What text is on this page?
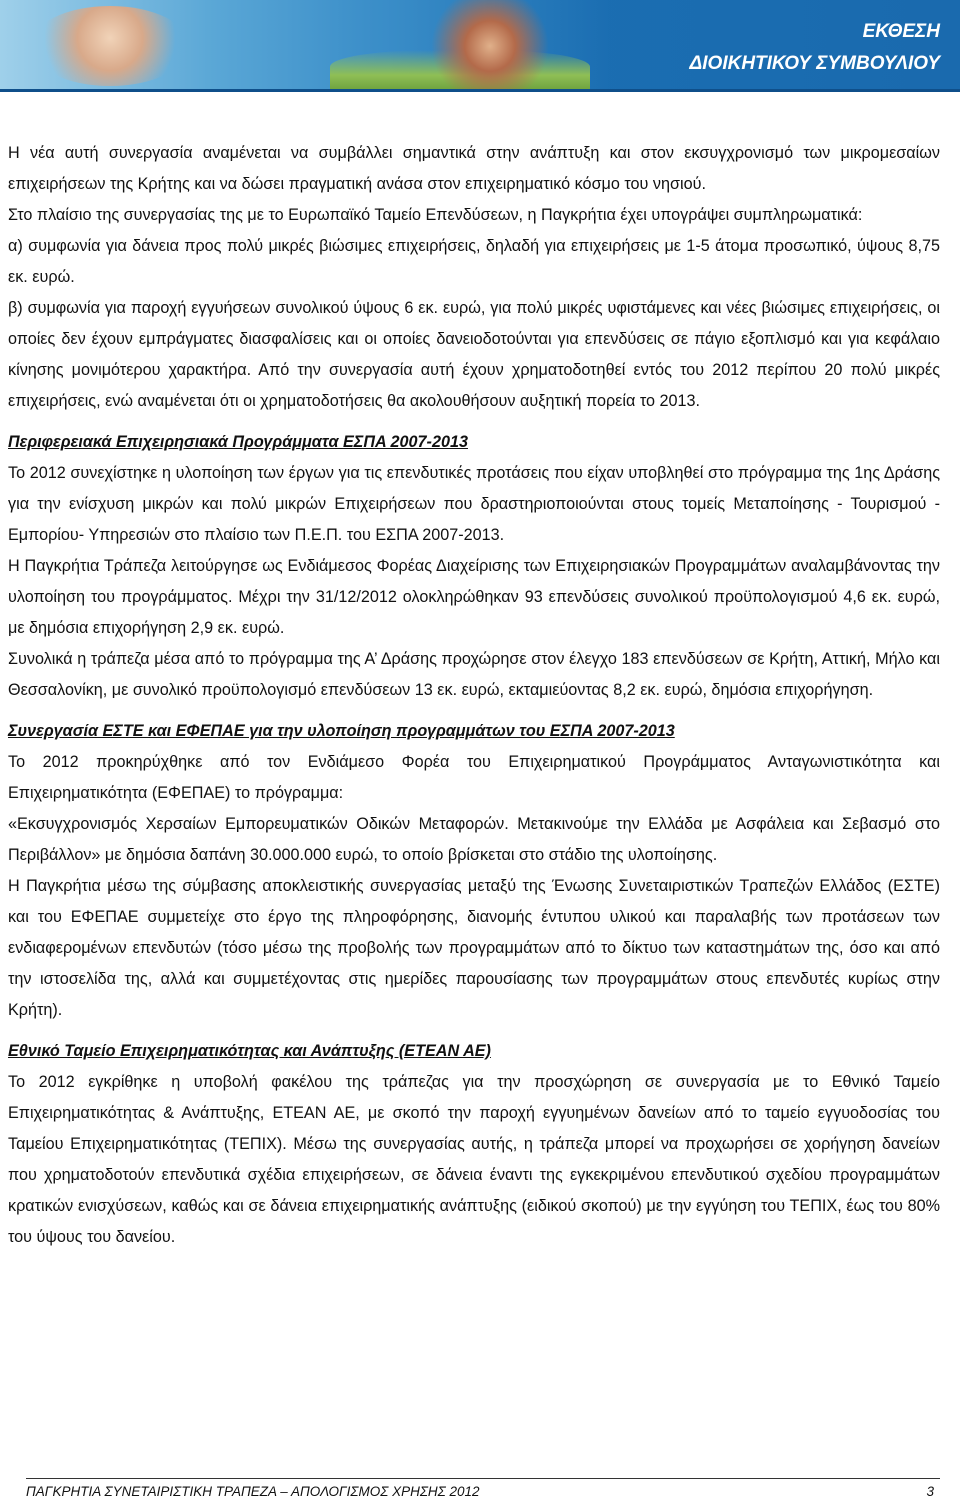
ΕΚΘΕΣΗ
ΔΙΟΙΚΗΤΙΚΟΥ ΣΥΜΒΟΥΛΙΟΥ

Η νέα αυτή συνεργασία αναμένεται να συμβάλλει σημαντικά στην ανάπτυξη και στον εκσυγχρονισμό των μικρομεσαίων επιχειρήσεων της Κρήτης και να δώσει πραγματική ανάσα στον επιχειρηματικό κόσμο του νησιού.

Στο πλαίσιο της συνεργασίας της με το Ευρωπαϊκό Ταμείο Επενδύσεων, η Παγκρήτια έχει υπογράψει συμπληρωματικά:

α) συμφωνία για δάνεια προς πολύ μικρές βιώσιμες επιχειρήσεις, δηλαδή για επιχειρήσεις με 1-5 άτομα προσωπικό, ύψους 8,75 εκ. ευρώ.

β) συμφωνία για παροχή εγγυήσεων συνολικού ύψους 6 εκ. ευρώ, για πολύ μικρές υφιστάμενες και νέες βιώσιμες επιχειρήσεις, οι οποίες δεν έχουν εμπράγματες διασφαλίσεις και οι οποίες δανειοδοτούνται για επενδύσεις σε πάγιο εξοπλισμό και για κεφάλαιο κίνησης μονιμότερου χαρακτήρα. Από την συνεργασία αυτή έχουν χρηματοδοτηθεί εντός του 2012 περίπου 20 πολύ μικρές επιχειρήσεις, ενώ αναμένεται ότι οι χρηματοδοτήσεις θα ακολουθήσουν αυξητική πορεία το 2013.

Περιφερειακά Επιχειρησιακά Προγράμματα ΕΣΠΑ 2007-2013

Το 2012 συνεχίστηκε η υλοποίηση των έργων για τις επενδυτικές προτάσεις που είχαν υποβληθεί στο πρόγραμμα της 1ης Δράσης για την ενίσχυση μικρών και πολύ μικρών Επιχειρήσεων που δραστηριοποιούνται στους τομείς Μεταποίησης - Τουρισμού - Εμπορίου- Υπηρεσιών στο πλαίσιο των Π.Ε.Π. του ΕΣΠΑ 2007-2013.

Η Παγκρήτια Τράπεζα λειτούργησε ως Ενδιάμεσος Φορέας Διαχείρισης των Επιχειρησιακών Προγραμμάτων αναλαμβάνοντας την υλοποίηση του προγράμματος. Μέχρι την 31/12/2012 ολοκληρώθηκαν 93 επενδύσεις συνολικού προϋπολογισμού 4,6 εκ. ευρώ, με δημόσια επιχορήγηση 2,9 εκ. ευρώ.

Συνολικά η τράπεζα μέσα από το πρόγραμμα της Α’ Δράσης προχώρησε στον έλεγχο 183 επενδύσεων σε Κρήτη, Αττική, Μήλο και Θεσσαλονίκη, με συνολικό προϋπολογισμό επενδύσεων 13 εκ. ευρώ, εκταμιεύοντας 8,2 εκ. ευρώ, δημόσια επιχορήγηση.

Συνεργασία ΕΣΤΕ και ΕΦΕΠΑΕ για την υλοποίηση προγραμμάτων του ΕΣΠΑ 2007-2013

Το 2012 προκηρύχθηκε από τον Ενδιάμεσο Φορέα του Επιχειρηματικού Προγράμματος Ανταγωνιστικότητα και Επιχειρηματικότητα (ΕΦΕΠΑΕ) το πρόγραμμα:

«Εκσυγχρονισμός Χερσαίων Εμπορευματικών Οδικών Μεταφορών. Μετακινούμε την Ελλάδα με Ασφάλεια και Σεβασμό στο Περιβάλλον» με δημόσια δαπάνη 30.000.000 ευρώ, το οποίο βρίσκεται στο στάδιο της υλοποίησης.

Η Παγκρήτια μέσω της σύμβασης αποκλειστικής συνεργασίας μεταξύ της Ένωσης Συνεταιριστικών Τραπεζών Ελλάδος (ΕΣΤΕ) και του ΕΦΕΠΑΕ συμμετείχε στο έργο της πληροφόρησης, διανομής έντυπου υλικού και παραλαβής των προτάσεων των ενδιαφερομένων επενδυτών (τόσο μέσω της προβολής των προγραμμάτων από το δίκτυο των καταστημάτων της, όσο και από την ιστοσελίδα της, αλλά και συμμετέχοντας στις ημερίδες παρουσίασης των προγραμμάτων στους επενδυτές κυρίως στην Κρήτη).

Εθνικό Ταμείο Επιχειρηματικότητας και Ανάπτυξης (ΕΤΕΑΝ ΑΕ)

Το 2012 εγκρίθηκε η υποβολή φακέλου της τράπεζας για την προσχώρηση σε συνεργασία με το Εθνικό Ταμείο Επιχειρηματικότητας & Ανάπτυξης, ΕΤΕΑΝ ΑΕ, με σκοπό την παροχή εγγυημένων δανείων από το ταμείο εγγυοδοσίας του Ταμείου Επιχειρηματικότητας (ΤΕΠΙΧ). Μέσω της συνεργασίας αυτής, η τράπεζα μπορεί να προχωρήσει σε χορήγηση δανείων που χρηματοδοτούν επενδυτικά σχέδια επιχειρήσεων, σε δάνεια έναντι της εγκεκριμένου επενδυτικού σχεδίου προγραμμάτων κρατικών ενισχύσεων, καθώς και σε δάνεια επιχειρηματικής ανάπτυξης (ειδικού σκοπού) με την εγγύηση του ΤΕΠΙΧ, έως του 80% του ύψους του δανείου.

ΠΑΓΚΡΗΤΙΑ ΣΥΝΕΤΑΙΡΙΣΤΙΚΗ ΤΡΑΠΕΖΑ – ΑΠΟΛΟΓΙΣΜΟΣ ΧΡΗΣΗΣ 2012	3
